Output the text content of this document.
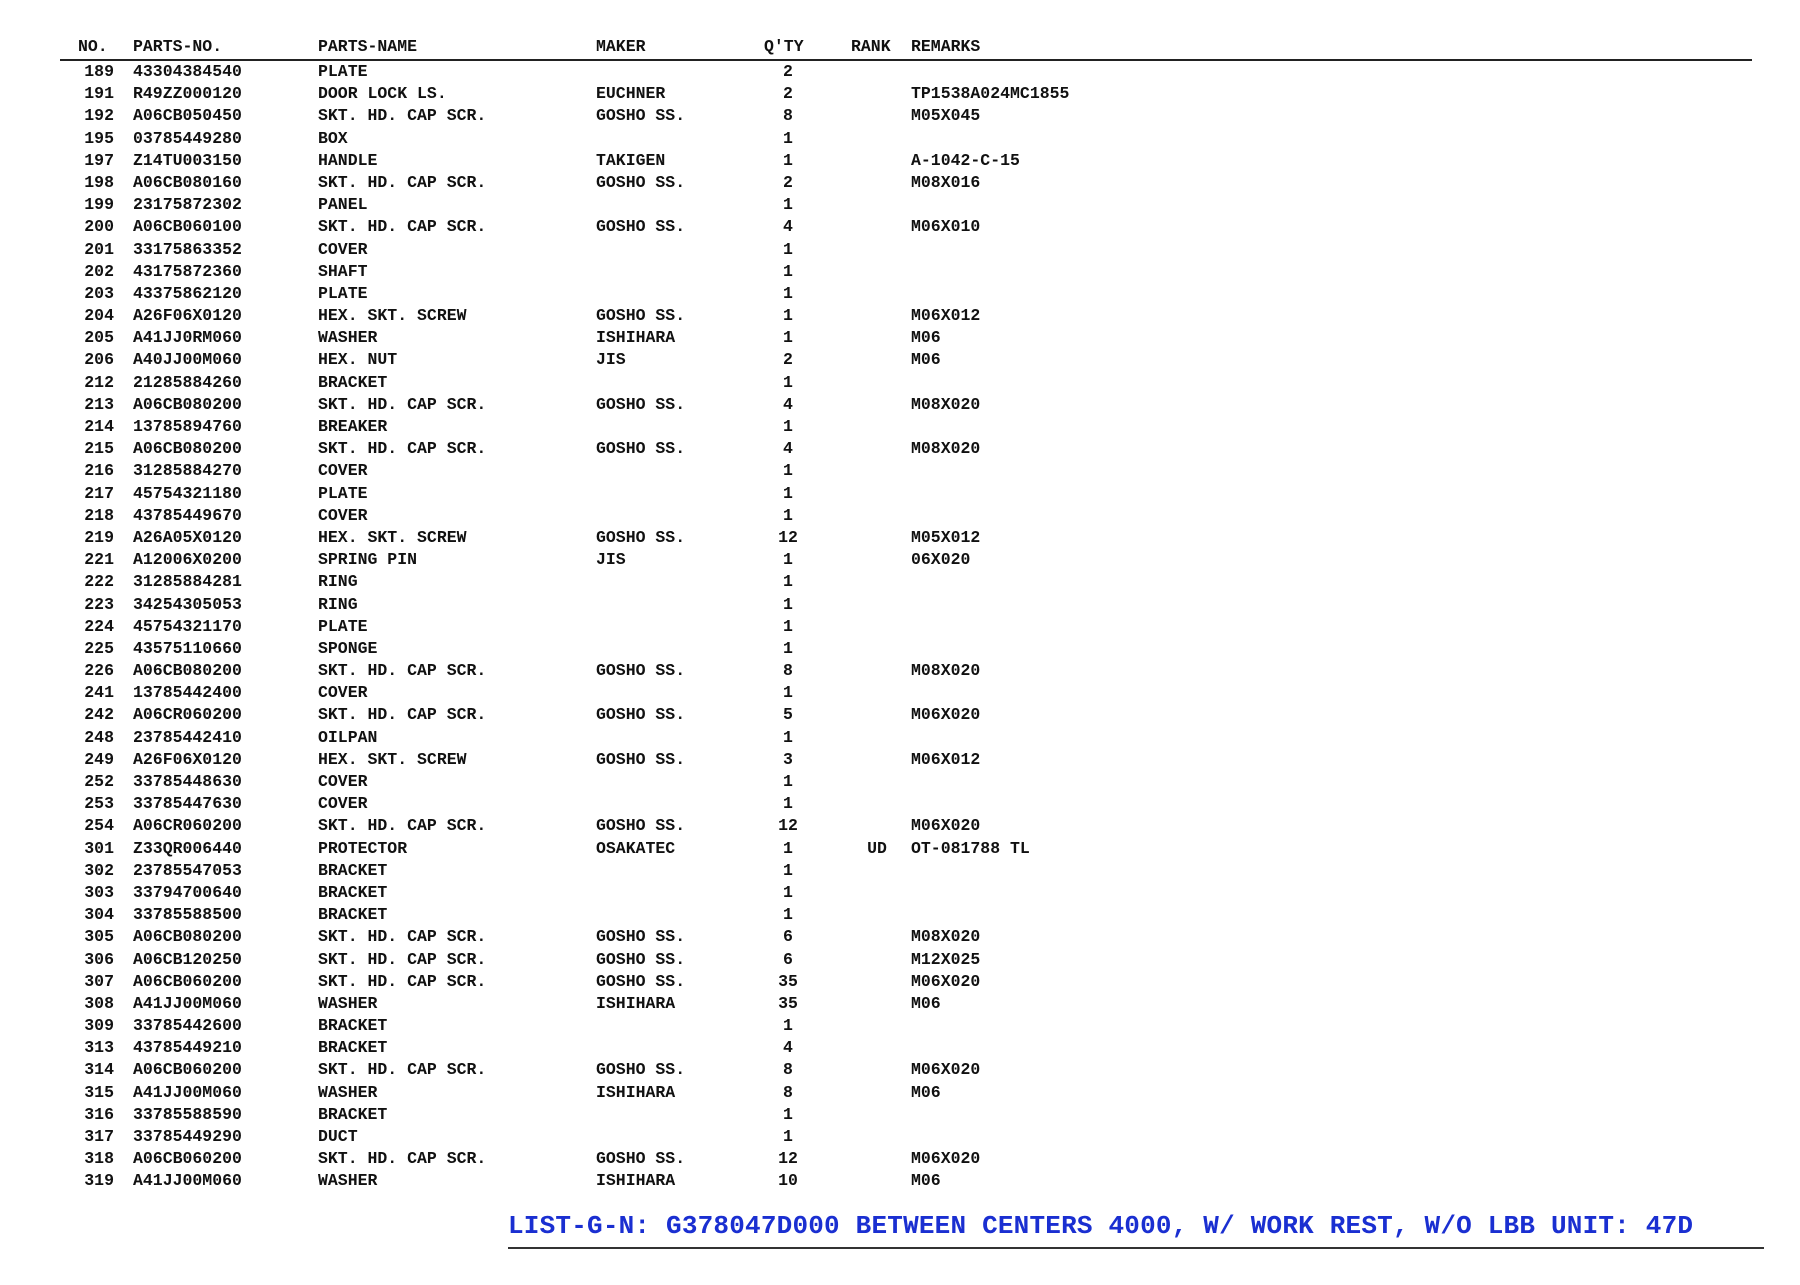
NO. PARTS-NO.	PARTS-NAME	MAKER	Q'TY	RANK REMARKS
189 43304384540	PLATE	2
191 R49ZZ000120	DOOR LOCK LS.	EUCHNER	2	TP1538A024MC1855
192 A06CB050450	SKT. HD. CAP SCR.	GOSHO SS.	8	M05X045
195 03785449280	BOX	1
197 Z14TU003150	HANDLE	TAKIGEN	1	A-1042-C-15
198 A06CB080160	SKT. HD. CAP SCR.	GOSHO SS.	2	M08X016
199 23175872302	PANEL	1
200 A06CB060100	SKT. HD. CAP SCR.	GOSHO SS.	4	M06X010
201 33175863352	COVER	1
202 43175872360	SHAFT	1
203 43375862120	PLATE	1
204 A26F06X0120	HEX. SKT. SCREW	GOSHO SS.	1	M06X012
205 A41JJ0RM060	WASHER	ISHIHARA	1	M06
206 A40JJ00M060	HEX. NUT	JIS	2	M06
212 21285884260	BRACKET	1
213 A06CB080200	SKT. HD. CAP SCR.	GOSHO SS.	4	M08X020
214 13785894760	BREAKER	1
215 A06CB080200	SKT. HD. CAP SCR.	GOSHO SS.	4	M08X020
216 31285884270	COVER	1
217 45754321180	PLATE	1
218 43785449670	COVER	1
219 A26A05X0120	HEX. SKT. SCREW	GOSHO SS.	12	M05X012
221 A12006X0200	SPRING PIN	JIS	1	06X020
222 31285884281	RING	1
223 34254305053	RING	1
224 45754321170	PLATE	1
225 43575110660	SPONGE	1
226 A06CB080200	SKT. HD. CAP SCR.	GOSHO SS.	8	M08X020
241 13785442400	COVER	1
242 A06CR060200	SKT. HD. CAP SCR.	GOSHO SS.	5	M06X020
248 23785442410	OILPAN	1
249 A26F06X0120	HEX. SKT. SCREW	GOSHO SS.	3	M06X012
252 33785448630	COVER	1
253 33785447630	COVER	1
254 A06CR060200	SKT. HD. CAP SCR.	GOSHO SS.	12	M06X020
301 Z33QR006440	PROTECTOR	OSAKATEC	1	UD	OT-081788 TL
302 23785547053	BRACKET	1
303 33794700640	BRACKET	1
304 33785588500	BRACKET	1
305 A06CB080200	SKT. HD. CAP SCR.	GOSHO SS.	6	M08X020
306 A06CB120250	SKT. HD. CAP SCR.	GOSHO SS.	6	M12X025
307 A06CB060200	SKT. HD. CAP SCR.	GOSHO SS.	35	M06X020
308 A41JJ00M060	WASHER	ISHIHARA	35	M06
309 33785442600	BRACKET	1
313 43785449210	BRACKET	4
314 A06CB060200	SKT. HD. CAP SCR.	GOSHO SS.	8	M06X020
315 A41JJ00M060	WASHER	ISHIHARA	8	M06
316 33785588590	BRACKET	1
317 33785449290	DUCT	1
318 A06CB060200	SKT. HD. CAP SCR.	GOSHO SS.	12	M06X020
319 A41JJ00M060	WASHER	ISHIHARA	10	M06
LIST-G-N: G378047D000 BETWEEN CENTERS 4000, W/ WORK REST, W/O LBB UNIT: 47D
